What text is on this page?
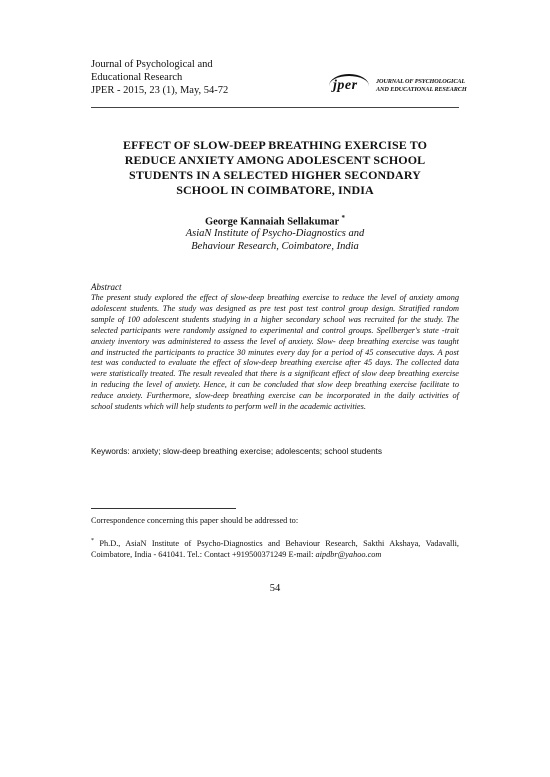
Journal of Psychological and
Educational Research
JPER - 2015, 23 (1), May, 54-72	jper	JOURNAL OF PSYCHOLOGICAL
AND EDUCATIONAL RESEARCH
EFFECT OF SLOW-DEEP BREATHING EXERCISE TO
REDUCE ANXIETY AMONG ADOLESCENT SCHOOL
STUDENTS IN A SELECTED HIGHER SECONDARY
SCHOOL IN COIMBATORE, INDIA
George Kannaiah Sellakumar *
AsiaN Institute of Psycho-Diagnostics and
Behaviour Research, Coimbatore, India
Abstract
The present study explored the effect of slow-deep breathing exercise to reduce the level of anxiety among adolescent students. The study was designed as pre test post test control group design. Stratified random sample of 100 adolescent students studying in a higher secondary school was recruited for the study. The selected participants were randomly assigned to experimental and control groups. Spellberger's state -trait anxiety inventory was administered to assess the level of anxiety. Slow- deep breathing exercise was taught and instructed the participants to practice 30 minutes every day for a period of 45 consecutive days. A post test was conducted to evaluate the effect of slow-deep breathing exercise after 45 days. The collected data were statistically treated. The result revealed that there is a significant effect of slow deep breathing exercise in reducing the level of anxiety. Hence, it can be concluded that slow deep breathing exercise facilitate to reduce anxiety. Furthermore, slow-deep breathing exercise can be incorporated in the daily activities of school students which will help students to perform well in the academic activities.
Keywords: anxiety; slow-deep breathing exercise; adolescents; school students
Correspondence concerning this paper should be addressed to:
* Ph.D., AsiaN Institute of Psycho-Diagnostics and Behaviour Research, Sakthi Akshaya, Vadavalli, Coimbatore, India - 641041. Tel.: Contact +919500371249 E-mail: aipdbr@yahoo.com
54
